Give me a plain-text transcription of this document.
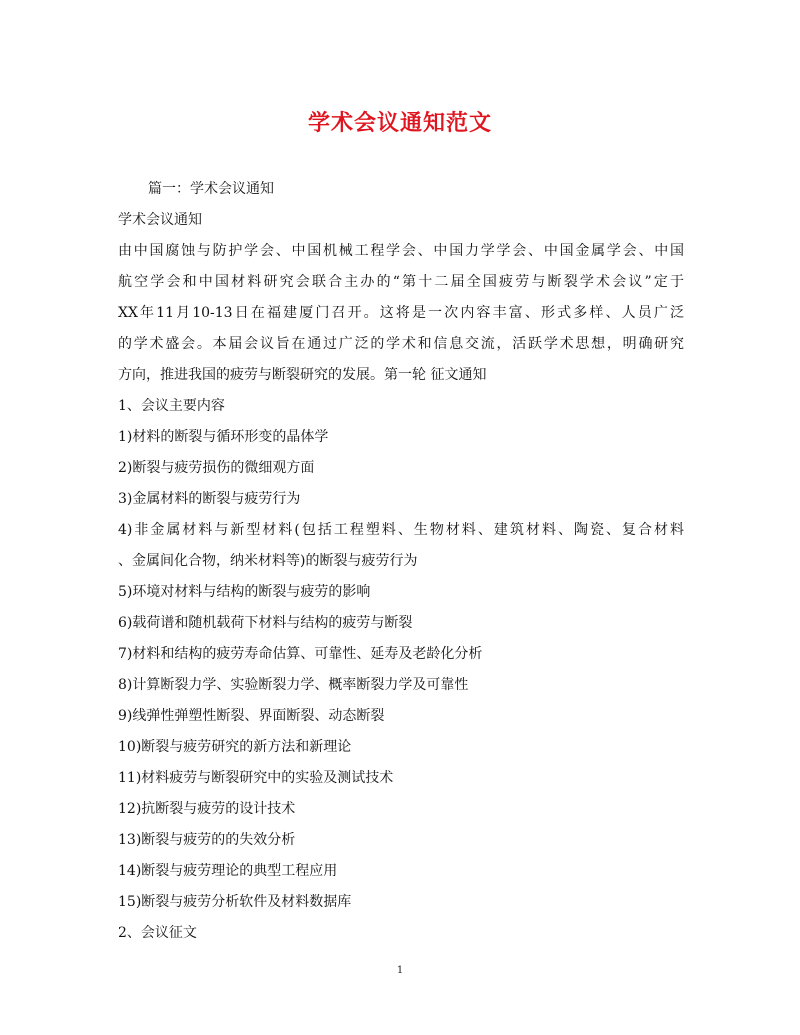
学术会议通知范文
篇一：学术会议通知
学术会议通知
由中国腐蚀与防护学会、中国机械工程学会、中国力学学会、中国金属学会、中国
航空学会和中国材料研究会联合主办的“第十二届全国疲劳与断裂学术会议”定于
XX年11月10-13日在福建厦门召开。这将是一次内容丰富、形式多样、人员广泛
的学术盛会。本届会议旨在通过广泛的学术和信息交流，活跃学术思想，明确研究
方向，推进我国的疲劳与断裂研究的发展。第一轮 征文通知
1、会议主要内容
1)材料的断裂与循环形变的晶体学
2)断裂与疲劳损伤的微细观方面
3)金属材料的断裂与疲劳行为
4)非金属材料与新型材料(包括工程塑料、生物材料、建筑材料、陶瓷、复合材料
、金属间化合物，纳米材料等)的断裂与疲劳行为
5)环境对材料与结构的断裂与疲劳的影响
6)载荷谱和随机载荷下材料与结构的疲劳与断裂
7)材料和结构的疲劳寿命估算、可靠性、延寿及老龄化分析
8)计算断裂力学、实验断裂力学、概率断裂力学及可靠性
9)线弹性弹塑性断裂、界面断裂、动态断裂
10)断裂与疲劳研究的新方法和新理论
11)材料疲劳与断裂研究中的实验及测试技术
12)抗断裂与疲劳的设计技术
13)断裂与疲劳的的失效分析
14)断裂与疲劳理论的典型工程应用
15)断裂与疲劳分析软件及材料数据库
2、会议征文
1
